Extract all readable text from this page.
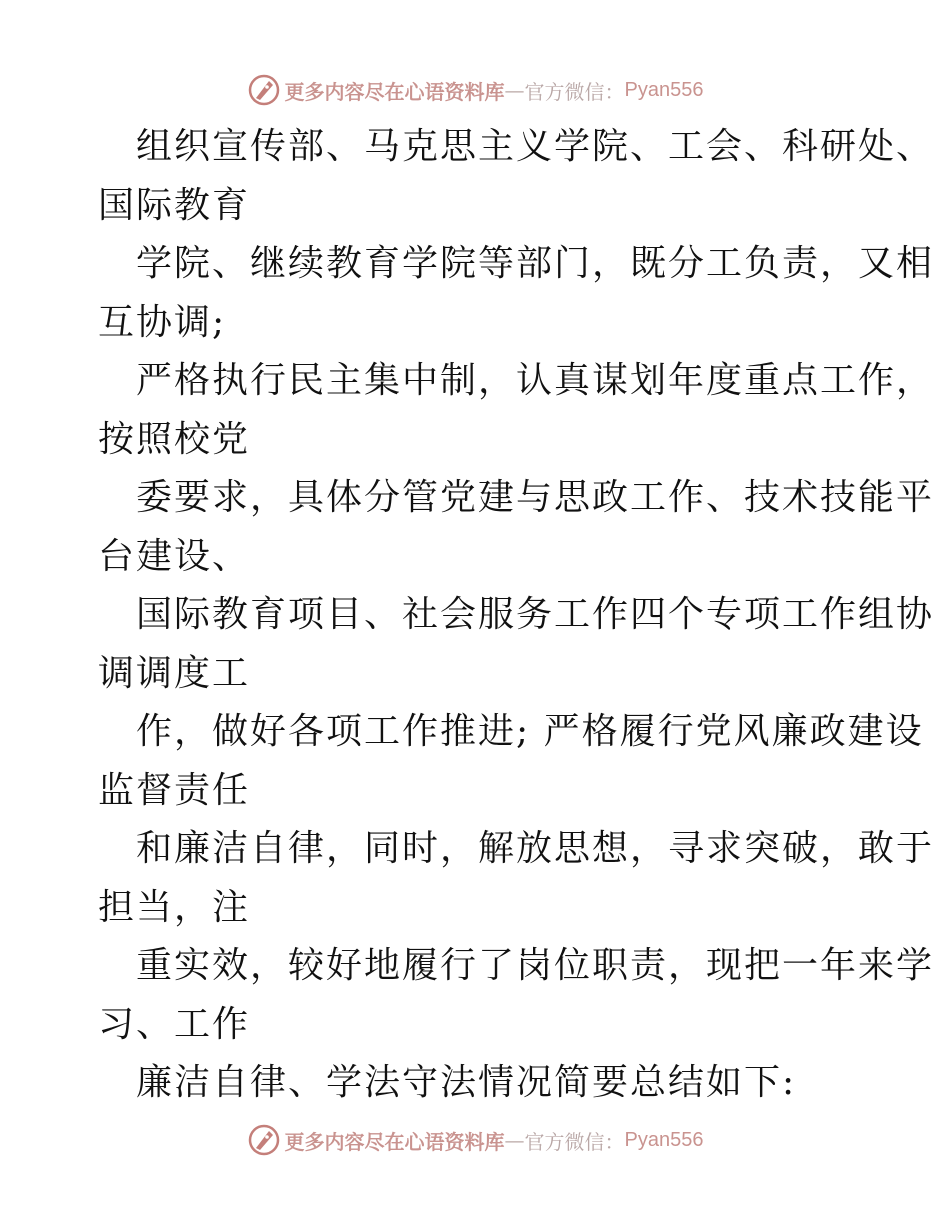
更多内容尽在心语资料库 — 官方微信： Pyan556
组织宣传部、马克思主义学院、工会、科研处、
国际教育
学院、继续教育学院等部门，既分工负责，又相
互协调;
严格执行民主集中制，认真谋划年度重点工作，
按照校党
委要求，具体分管党建与思政工作、技术技能平
台建设、
国际教育项目、社会服务工作四个专项工作组协
调调度工
作，做好各项工作推进; 严格履行党风廉政建设
监督责任
和廉洁自律，同时，解放思想，寻求突破，敢于
担当，注
重实效，较好地履行了岗位职责，现把一年来学
习、工作
廉洁自律、学法守法情况简要总结如下:
更多内容尽在心语资料库 — 官方微信： Pyan556
